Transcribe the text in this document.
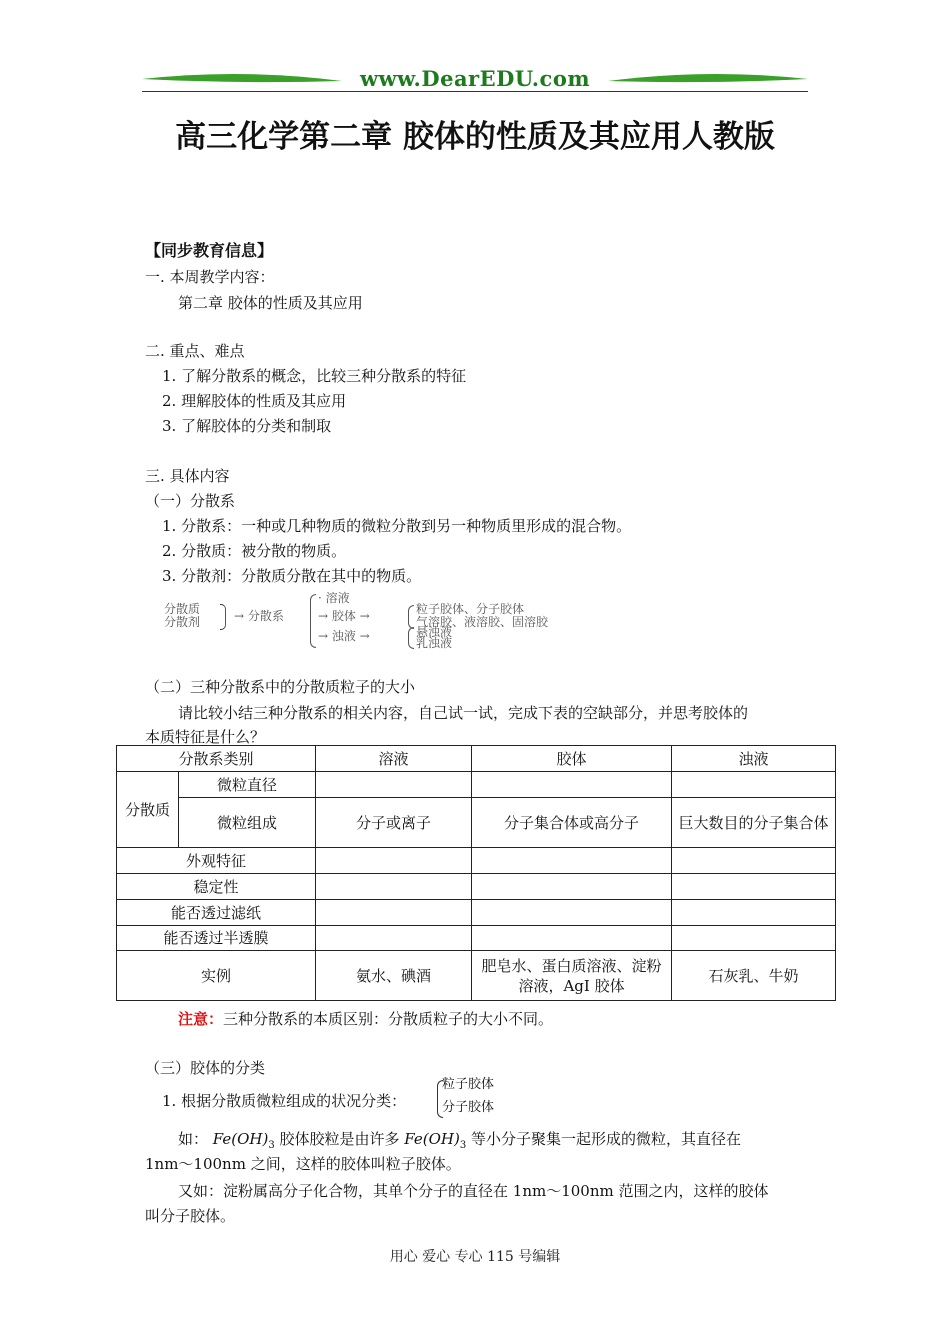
www.DearEDU.com
高三化学第二章 胶体的性质及其应用人教版
【同步教育信息】
一. 本周教学内容：
第二章 胶体的性质及其应用
二. 重点、难点
1. 了解分散系的概念，比较三种分散系的特征
2. 理解胶体的性质及其应用
3. 了解胶体的分类和制取
三. 具体内容
（一）分散系
1. 分散系：一种或几种物质的微粒分散到另一种物质里形成的混合物。
2. 分散质：被分散的物质。
3. 分散剂：分散质分散在其中的物质。
分散质
分散剂	→ 分散系
· 溶液
→ 胶体 →
→ 浊液 →
粒子胶体、分子胶体
气溶胶、液溶胶、固溶胶
悬浊液
乳浊液
（二）三种分散系中的分散质粒子的大小
请比较小结三种分散系的相关内容，自己试一试，完成下表的空缺部分，并思考胶体的
本质特征是什么？
分散系类别		溶液	胶体	浊液
分散质	微粒直径			
	微粒组成	分子或离子	分子集合体或高分子	巨大数目的分子集合体
外观特征				
稳定性				
能否透过滤纸				
能否透过半透膜				
实例		氨水、碘酒	肥皂水、蛋白质溶液、淀粉溶液，AgI 胶体	石灰乳、牛奶
注意：三种分散系的本质区别：分散质粒子的大小不同。
（三）胶体的分类
1. 根据分散质微粒组成的状况分类：
粒子胶体
分子胶体
如： $Fe(OH)_3$ 胶体胶粒是由许多 $Fe(OH)_3$ 等小分子聚集一起形成的微粒，其直径在
1nm～100nm 之间，这样的胶体叫粒子胶体。
又如：淀粉属高分子化合物，其单个分子的直径在 1nm～100nm 范围之内，这样的胶体
叫分子胶体。
用心 爱心 专心 115 号编辑
